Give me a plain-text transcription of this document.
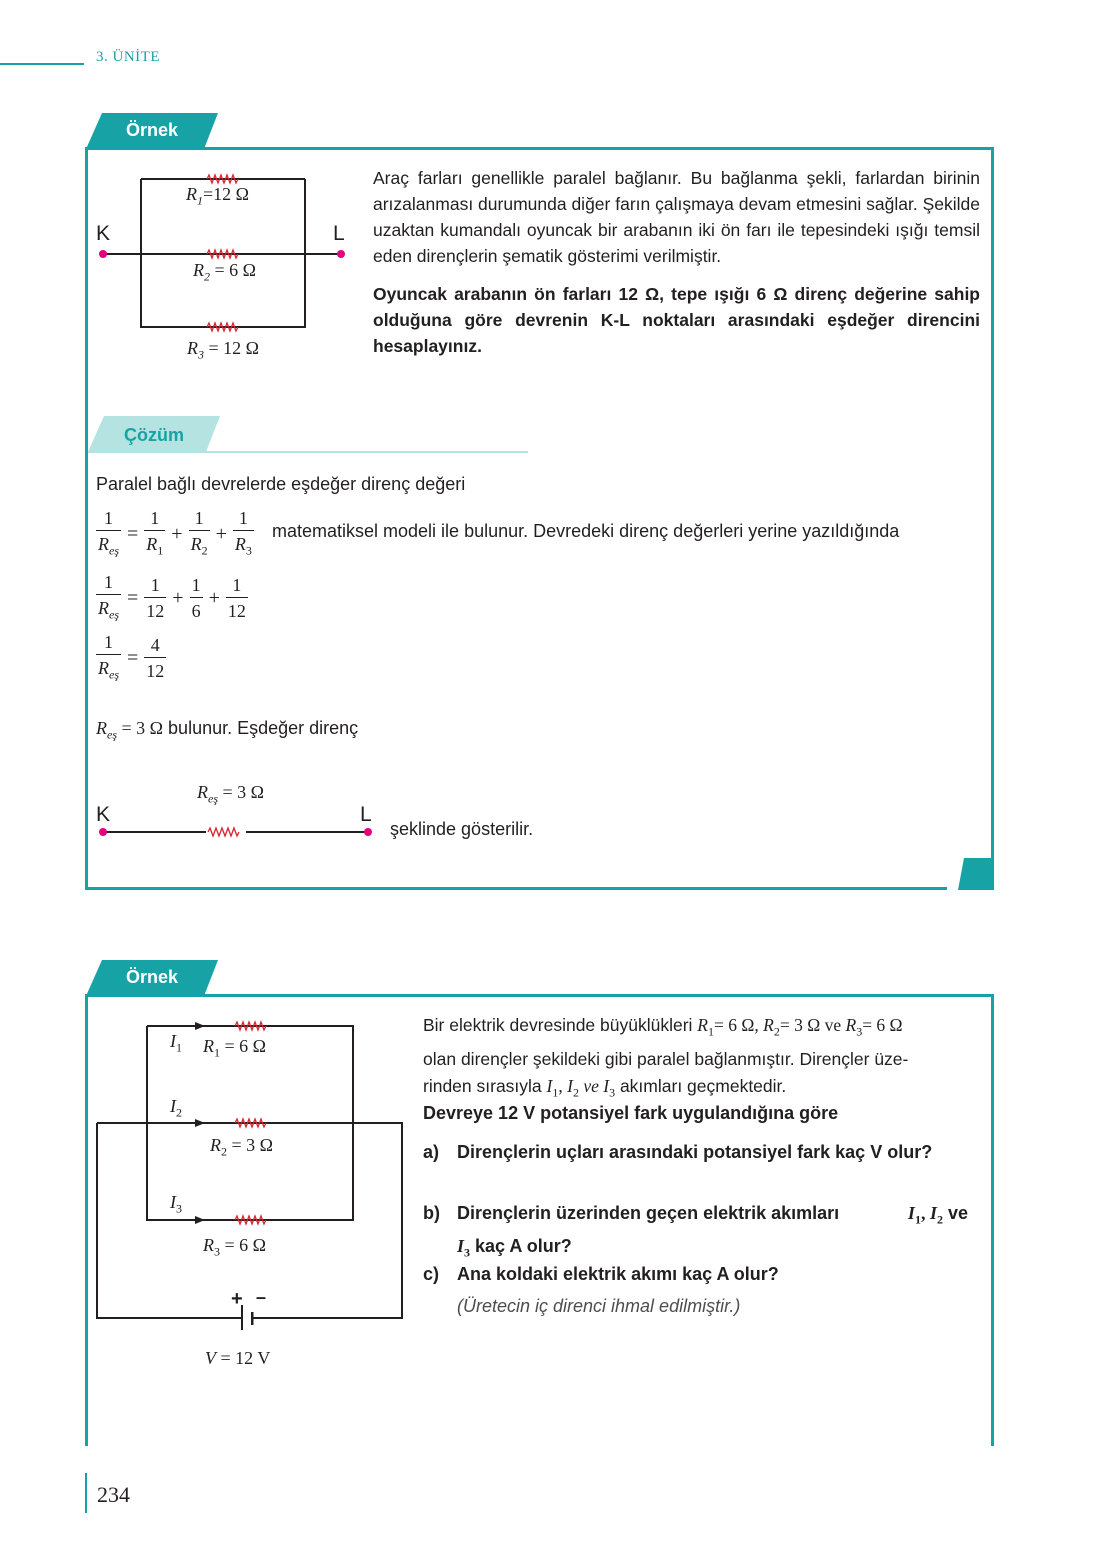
3. ÜNİTE
Örnek
K	L
$R_1=12$ Ω
$R_2 = 6$ Ω
$R_3 = 12$ Ω

Araç farları genellikle paralel bağlanır. Bu bağlanma şekli, farlardan birinin arızalanması durumunda diğer farın çalışmaya devam etmesini sağlar. Şekilde uzaktan kumandalı oyuncak bir arabanın iki ön farı ile tepesindeki ışığı temsil eden dirençlerin şematik gösterimi verilmiştir.

Oyuncak arabanın ön farları 12 Ω, tepe ışığı 6 Ω direnç değerine sahip olduğuna göre devrenin K-L noktaları arasındaki eşdeğer direncini hesaplayınız.

Çözüm
Paralel bağlı devrelerde eşdeğer direnç değeri
$\frac{1}{R_{eş}} = \frac{1}{R_1} + \frac{1}{R_2} + \frac{1}{R_3}$ matematiksel modeli ile bulunur. Devredeki direnç değerleri yerine yazıldığında
$\frac{1}{R_{eş}} = \frac{1}{12} + \frac{1}{6} + \frac{1}{12}$
$\frac{1}{R_{eş}} = \frac{4}{12}$
$R_{eş} = 3$ Ω bulunur. Eşdeğer direnç
K	L
$R_{eş} = 3$ Ω
şeklinde gösterilir.
Örnek
$I_1$
$I_2$
$I_3$
$R_1 = 6$ Ω
$R_2 = 3$ Ω
$R_3 = 6$ Ω
+ –
V = 12 V
Bir elektrik devresinde büyüklükleri $R_1= 6$ Ω, $R_2= 3$ Ω ve $R_3= 6$ Ω
olan dirençler şekildeki gibi paralel bağlanmıştır. Dirençler üze-
rinden sırasıyla $I_1$, $I_2$ ve $I_3$ akımları geçmektedir.
Devreye 12 V potansiyel fark uygulandığına göre
a) Dirençlerin uçları arasındaki potansiyel fark kaç V olur?
b) Dirençlerin üzerinden geçen elektrik akımları	$I_1$, $I_2$ ve
$I_3$ kaç A olur?
c) Ana koldaki elektrik akımı kaç A olur?
(Üretecin iç direnci ihmal edilmiştir.)
234
